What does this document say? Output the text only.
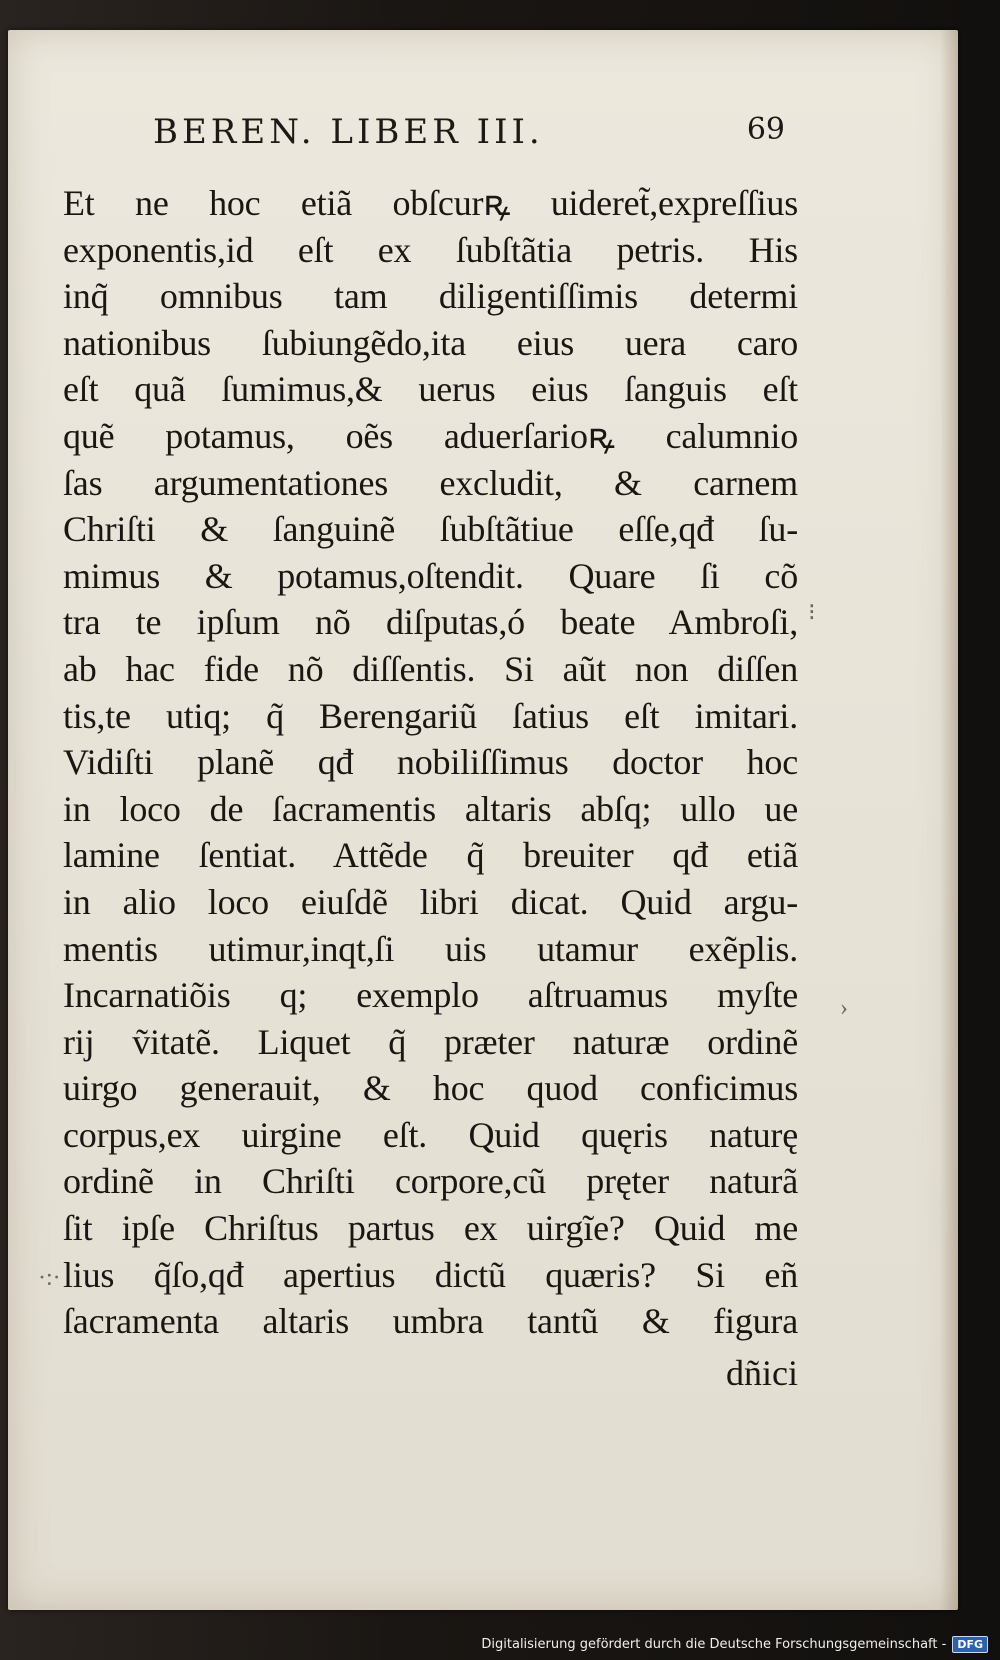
BEREN. LIBER III.	69
Et ne hoc etiã obſcurꝶ uideret̃,expreſſius
exponentis,id eſt ex ſubſtãtia petris. His
inq̃ omnibus tam diligentiſſimis determi
nationibus ſubiungẽdo,ita eius uera caro
eſt quã ſumimus,& uerus eius ſanguis eſt
quẽ potamus, oẽs aduerſarioꝶ calumnio
ſas argumentationes excludit, & carnem
Chriſti & ſanguinẽ ſubſtãtiue eſſe,qđ ſu-
mimus & potamus,oſtendit. Quare ſi cõ
tra te ipſum nõ diſputas,ó beate Ambroſi,
ab hac fide nõ diſſentis. Si aũt non diſſen
tis,te utiq; q̃ Berengariũ ſatius eſt imitari.
Vidiſti planẽ qđ nobiliſſimus doctor hoc
in loco de ſacramentis altaris abſq; ullo ue
lamine ſentiat. Attẽde q̃ breuiter qđ etiã
in alio loco eiuſdẽ libri dicat. Quid argu-
mentis utimur,inqt,ſi uis utamur exẽplis.
Incarnatiõis q; exemplo aſtruamus myſte
rij ṽitatẽ. Liquet q̃ præter naturæ ordinẽ
uirgo generauit, & hoc quod conficimus
corpus,ex uirgine eſt. Quid quęris naturę
ordinẽ in Chriſti corpore,cũ pręter naturã
ſit ipſe Chriſtus partus ex uirgĩe? Quid me
lius q̃ſo,qđ apertius dictũ quæris? Si eñ
ſacramenta altaris umbra tantũ & figura
dñici
⁝
›
·:·
Digitalisierung gefördert durch die Deutsche Forschungsgemeinschaft -	DFG
